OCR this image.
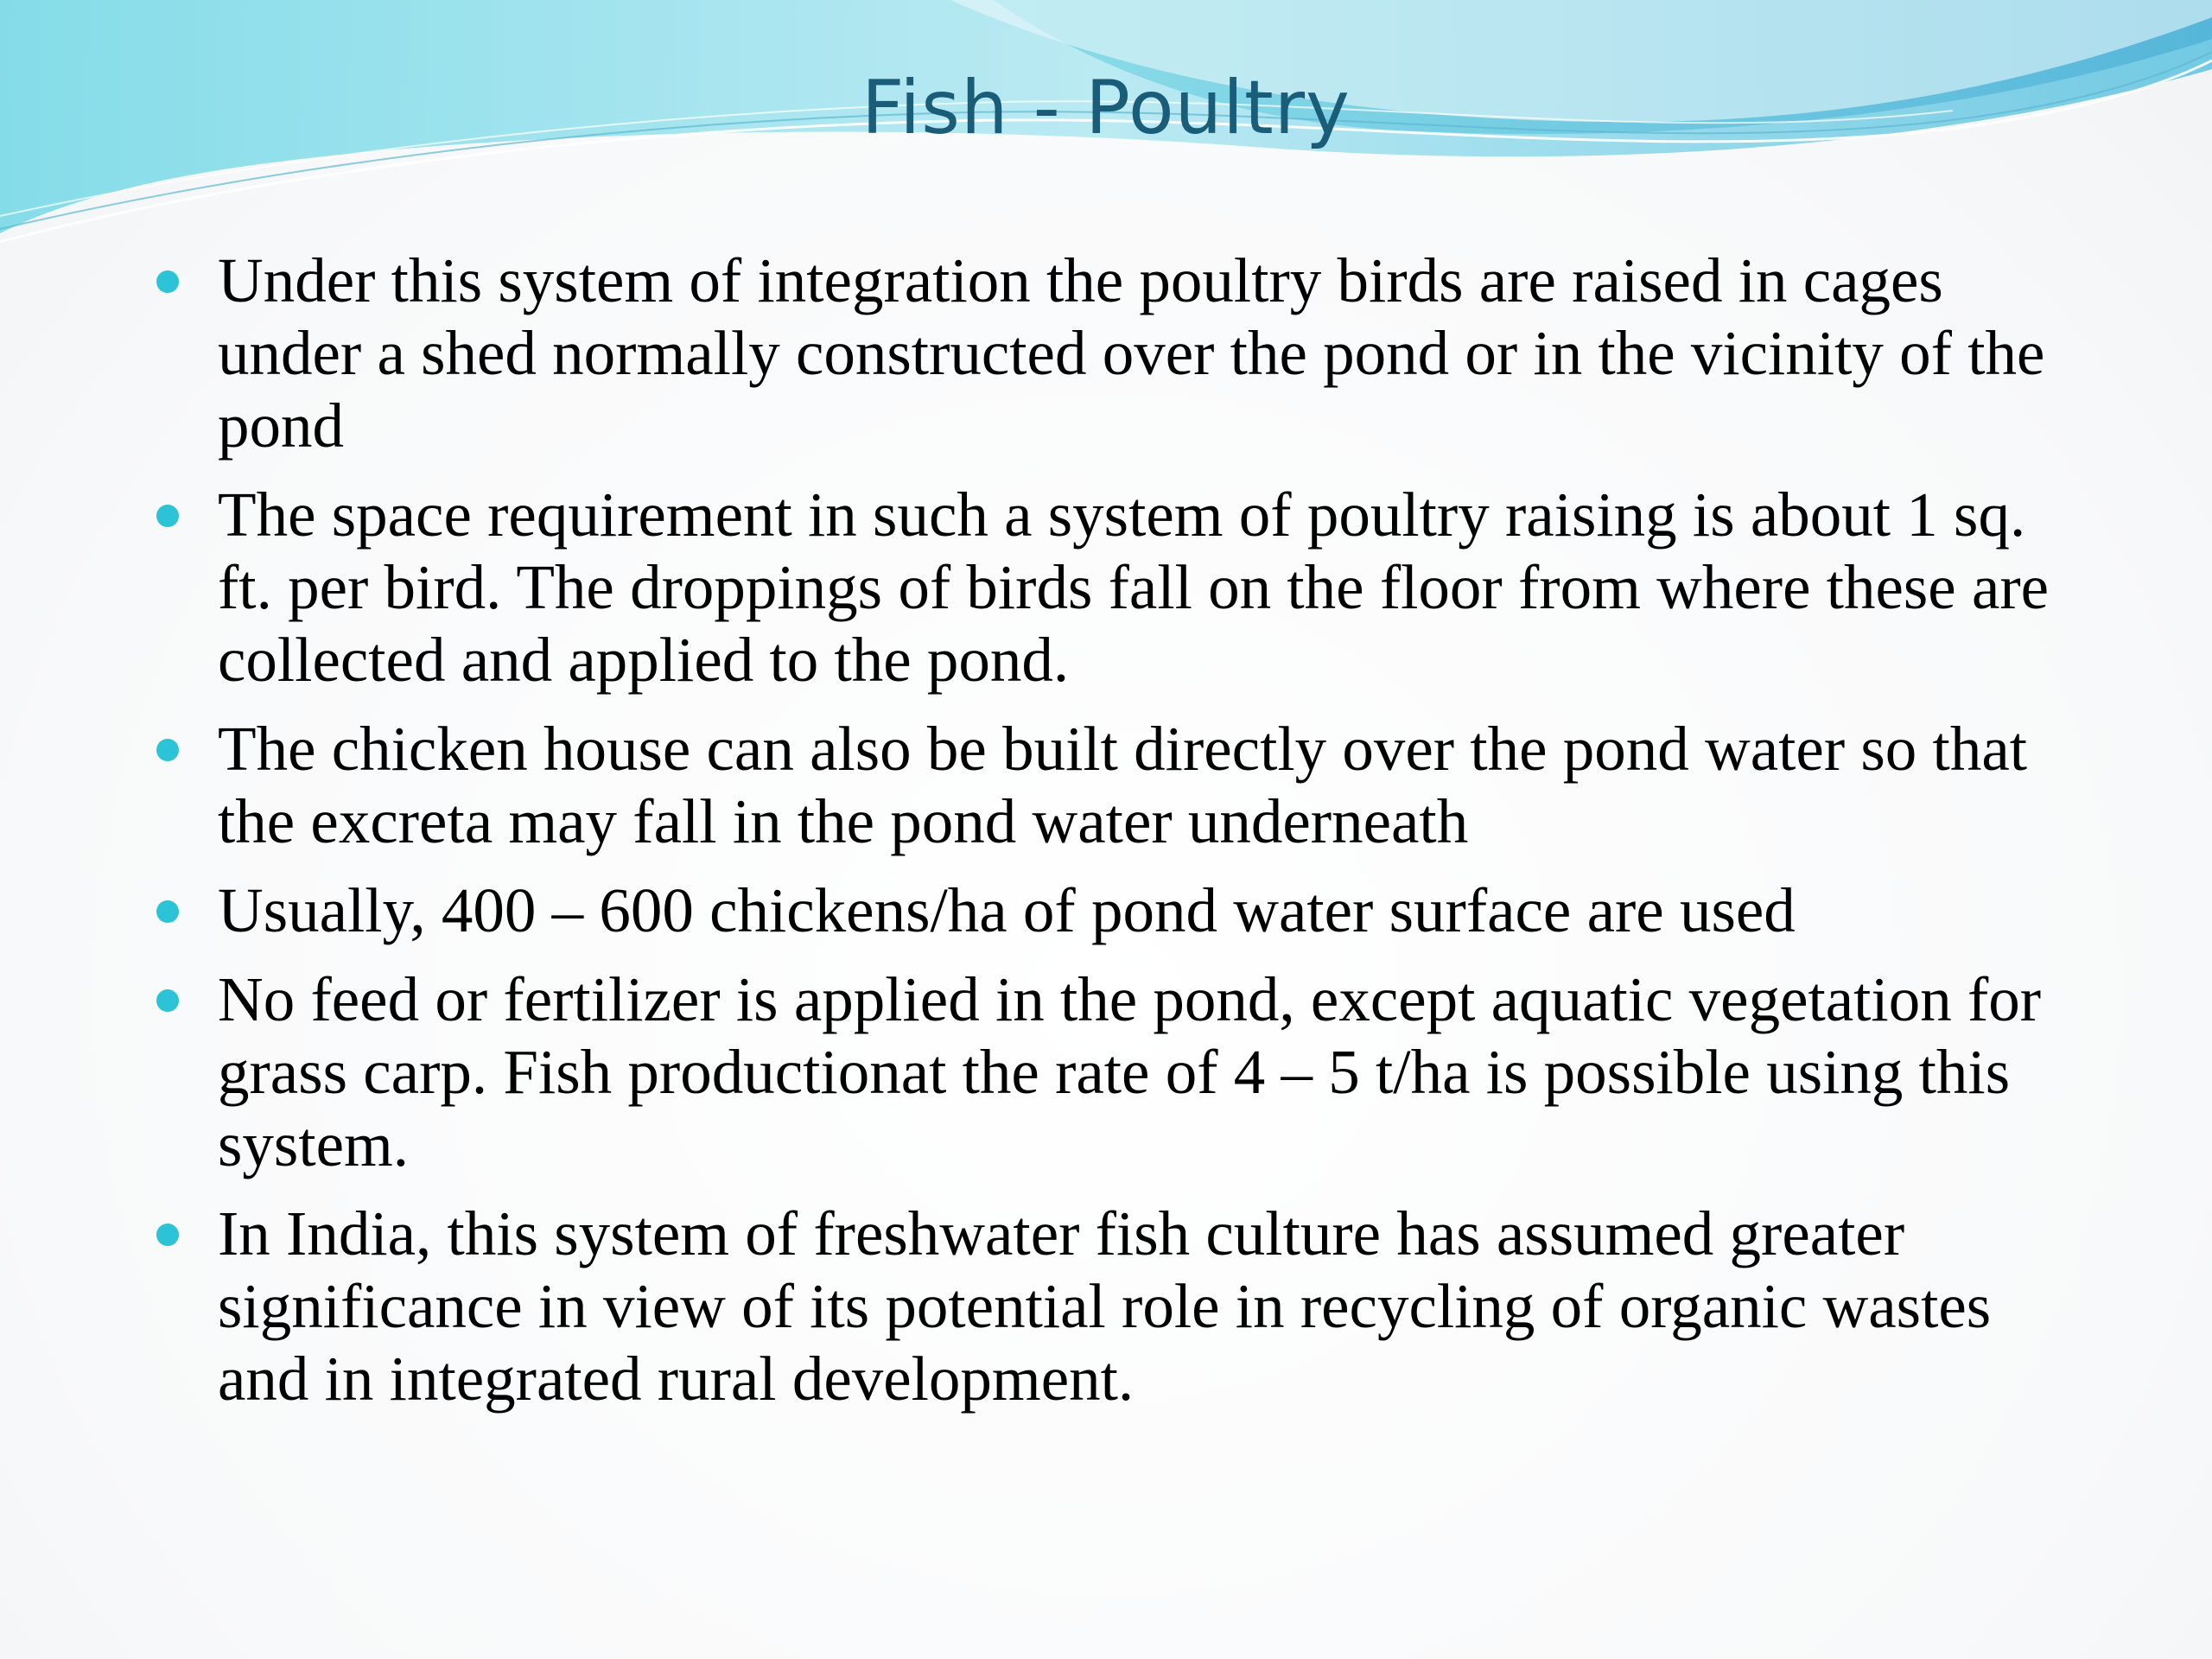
Fish - Poultry
Under this system of integration the poultry birds are raised in cages under a shed normally constructed over the pond or in the vicinity of the pond
The space requirement in such a system of poultry raising is about 1 sq. ft. per bird. The droppings of birds fall on the floor from where these are collected and applied to the pond.
The chicken house can also be built directly over the pond water so that the excreta may fall in the pond water underneath
Usually, 400 – 600 chickens/ha of pond water surface are used
No feed or fertilizer is applied in the pond, except aquatic vegetation for grass carp. Fish productionat the rate of 4 – 5 t/ha is possible using this system.
In India, this system of freshwater fish culture has assumed greater significance in view of its potential role in recycling of organic wastes and in integrated rural development.
